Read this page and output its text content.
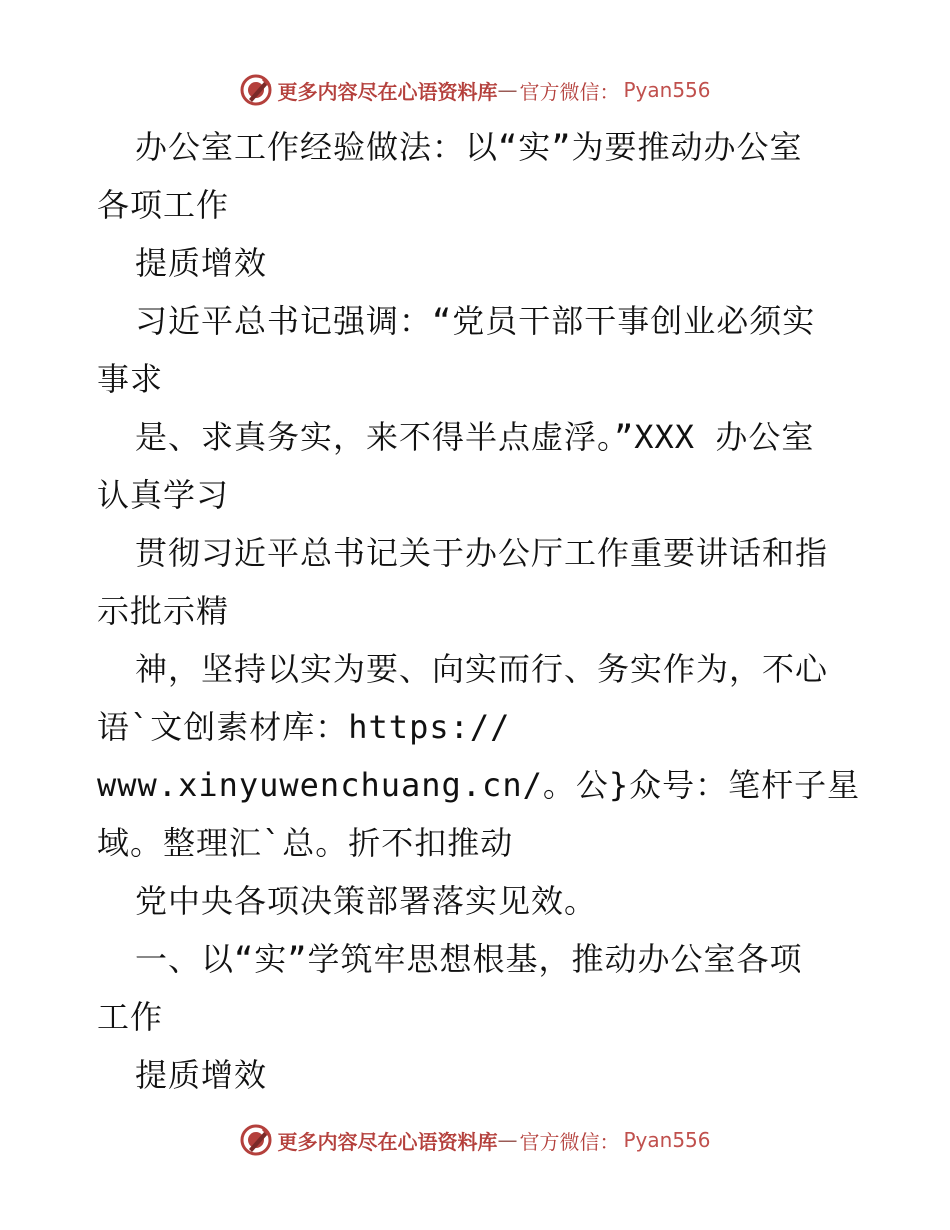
更多内容尽在心语资料库 — 官方微信： Pyan556
办公室工作经验做法：以“实”为要推动办公室
各项工作
提质增效
习近平总书记强调：“党员干部干事创业必须实
事求
是、求真务实，来不得半点虚浮。”XXX 办公室
认真学习
贯彻习近平总书记关于办公厅工作重要讲话和指
示批示精
神，坚持以实为要、向实而行、务实作为，不心
语`文创素材库：https://
www.xinyuwenchuang.cn/。公}众号：笔杆子星
域。整理汇`总。折不扣推动
党中央各项决策部署落实见效。
一、以“实”学筑牢思想根基，推动办公室各项
工作
提质增效
更多内容尽在心语资料库 — 官方微信： Pyan556
